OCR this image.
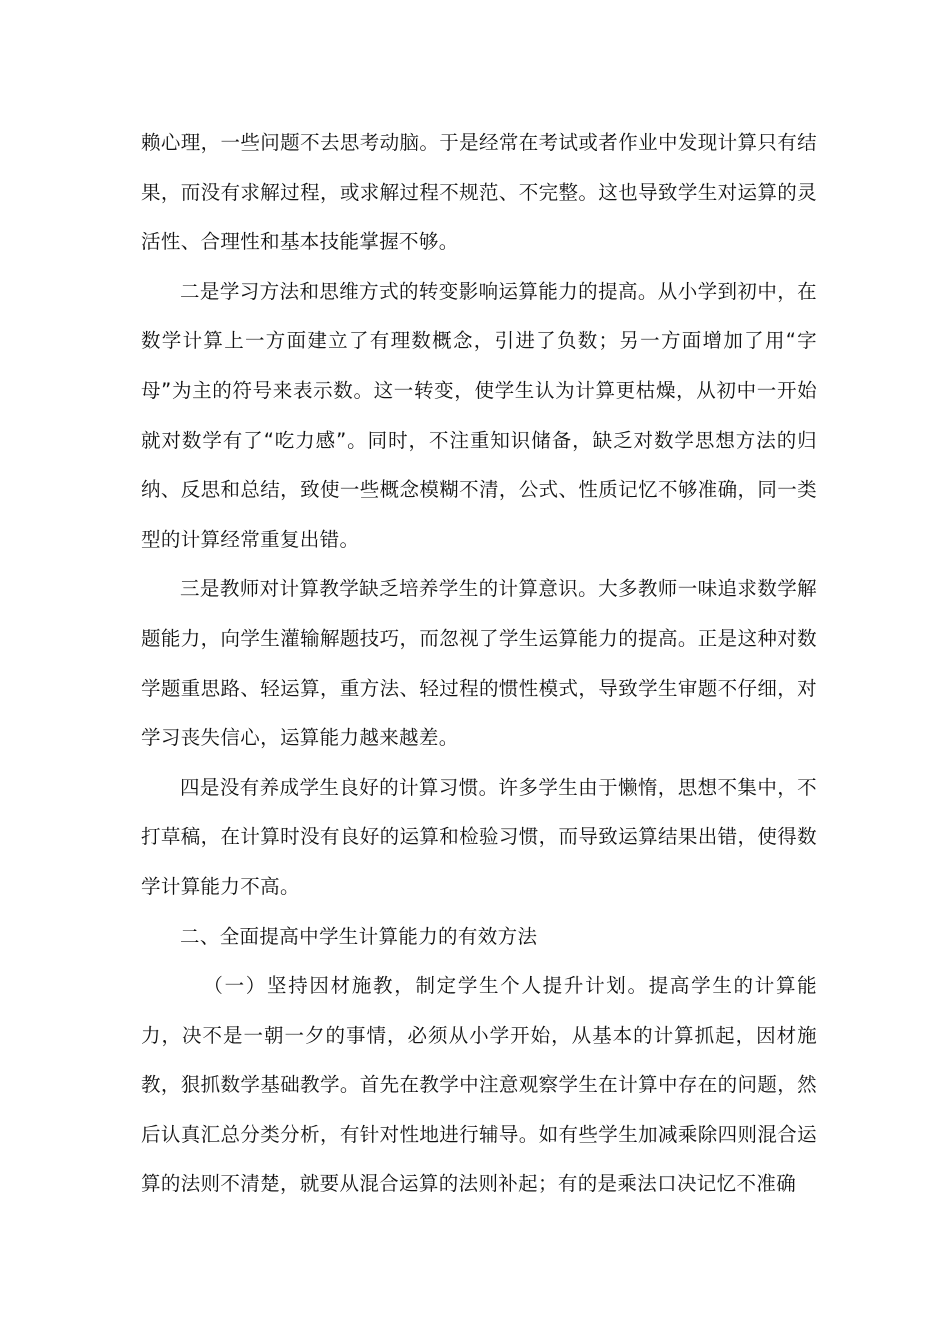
赖心理，一些问题不去思考动脑。于是经常在考试或者作业中发现计算只有结果，而没有求解过程，或求解过程不规范、不完整。这也导致学生对运算的灵活性、合理性和基本技能掌握不够。

二是学习方法和思维方式的转变影响运算能力的提高。从小学到初中，在数学计算上一方面建立了有理数概念，引进了负数；另一方面增加了用“字母”为主的符号来表示数。这一转变，使学生认为计算更枯燥，从初中一开始就对数学有了“吃力感”。同时，不注重知识储备，缺乏对数学思想方法的归纳、反思和总结，致使一些概念模糊不清，公式、性质记忆不够准确，同一类型的计算经常重复出错。

三是教师对计算教学缺乏培养学生的计算意识。大多教师一味追求数学解题能力，向学生灌输解题技巧，而忽视了学生运算能力的提高。正是这种对数学题重思路、轻运算，重方法、轻过程的惯性模式，导致学生审题不仔细，对学习丧失信心，运算能力越来越差。

四是没有养成学生良好的计算习惯。许多学生由于懒惰，思想不集中，不打草稿，在计算时没有良好的运算和检验习惯，而导致运算结果出错，使得数学计算能力不高。

二、全面提高中学生计算能力的有效方法

（一）坚持因材施教，制定学生个人提升计划。提高学生的计算能力，决不是一朝一夕的事情，必须从小学开始，从基本的计算抓起，因材施教，狠抓数学基础教学。首先在教学中注意观察学生在计算中存在的问题，然后认真汇总分类分析，有针对性地进行辅导。如有些学生加减乘除四则混合运算的法则不清楚，就要从混合运算的法则补起；有的是乘法口决记忆不准确
